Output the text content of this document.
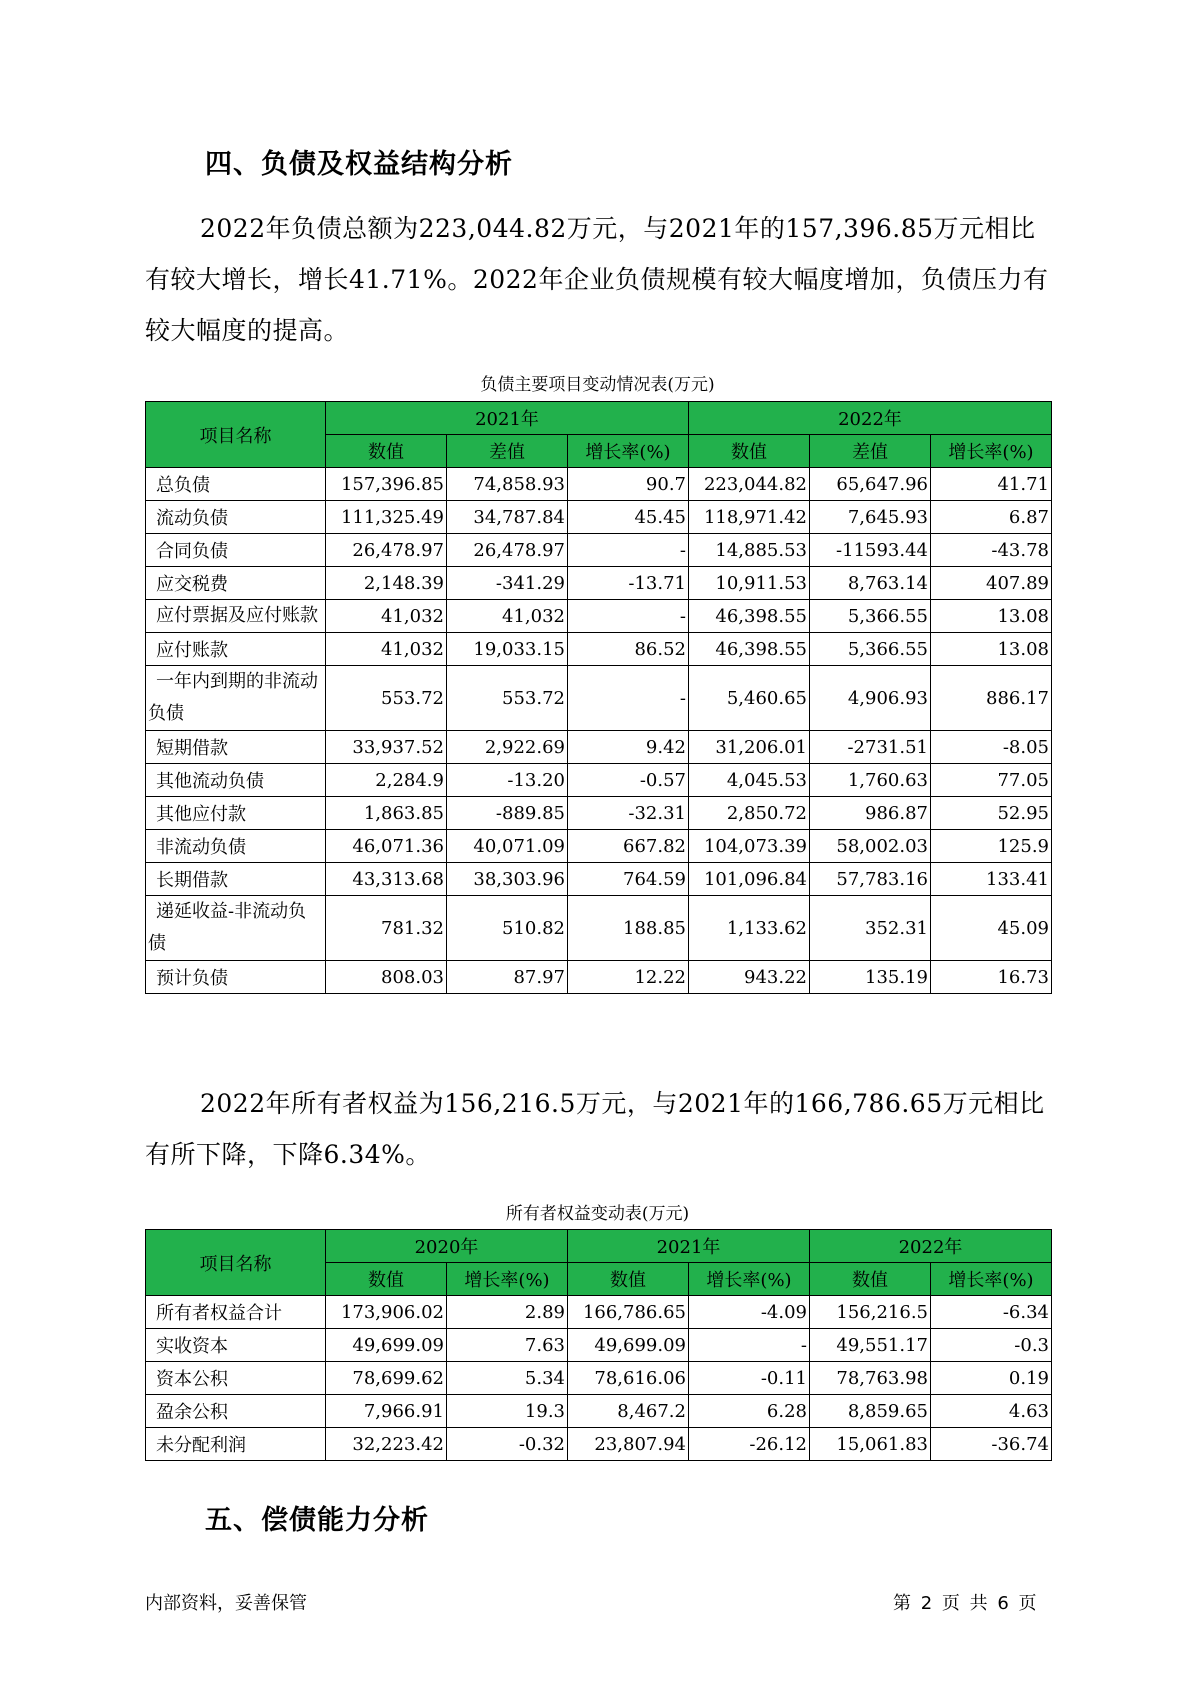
四、负债及权益结构分析

2022年负债总额为223,044.82万元，与2021年的157,396.85万元相比有较大增长，增长41.71%。2022年企业负债规模有较大幅度增加，负债压力有较大幅度的提高。

负债主要项目变动情况表(万元)
项目名称	2021年			2022年		
	数值	差值	增长率(%)	数值	差值	增长率(%)
总负债	157,396.85	74,858.93	90.7	223,044.82	65,647.96	41.71
流动负债	111,325.49	34,787.84	45.45	118,971.42	7,645.93	6.87
合同负债	26,478.97	26,478.97	-	14,885.53	-11593.44	-43.78
应交税费	2,148.39	-341.29	-13.71	10,911.53	8,763.14	407.89
应付票据及应付账款	41,032	41,032	-	46,398.55	5,366.55	13.08
应付账款	41,032	19,033.15	86.52	46,398.55	5,366.55	13.08
一年内到期的非流动负债	553.72	553.72	-	5,460.65	4,906.93	886.17
短期借款	33,937.52	2,922.69	9.42	31,206.01	-2731.51	-8.05
其他流动负债	2,284.9	-13.20	-0.57	4,045.53	1,760.63	77.05
其他应付款	1,863.85	-889.85	-32.31	2,850.72	986.87	52.95
非流动负债	46,071.36	40,071.09	667.82	104,073.39	58,002.03	125.9
长期借款	43,313.68	38,303.96	764.59	101,096.84	57,783.16	133.41
递延收益-非流动负债	781.32	510.82	188.85	1,133.62	352.31	45.09
预计负债	808.03	87.97	12.22	943.22	135.19	16.73

2022年所有者权益为156,216.5万元，与2021年的166,786.65万元相比有所下降，下降6.34%。

所有者权益变动表(万元)
项目名称	2020年		2021年		2022年	
	数值	增长率(%)	数值	增长率(%)	数值	增长率(%)
所有者权益合计	173,906.02	2.89	166,786.65	-4.09	156,216.5	-6.34
实收资本	49,699.09	7.63	49,699.09	-	49,551.17	-0.3
资本公积	78,699.62	5.34	78,616.06	-0.11	78,763.98	0.19
盈余公积	7,966.91	19.3	8,467.2	6.28	8,859.65	4.63
未分配利润	32,223.42	-0.32	23,807.94	-26.12	15,061.83	-36.74
五、偿债能力分析
内部资料，妥善保管	第 2 页 共 6 页
